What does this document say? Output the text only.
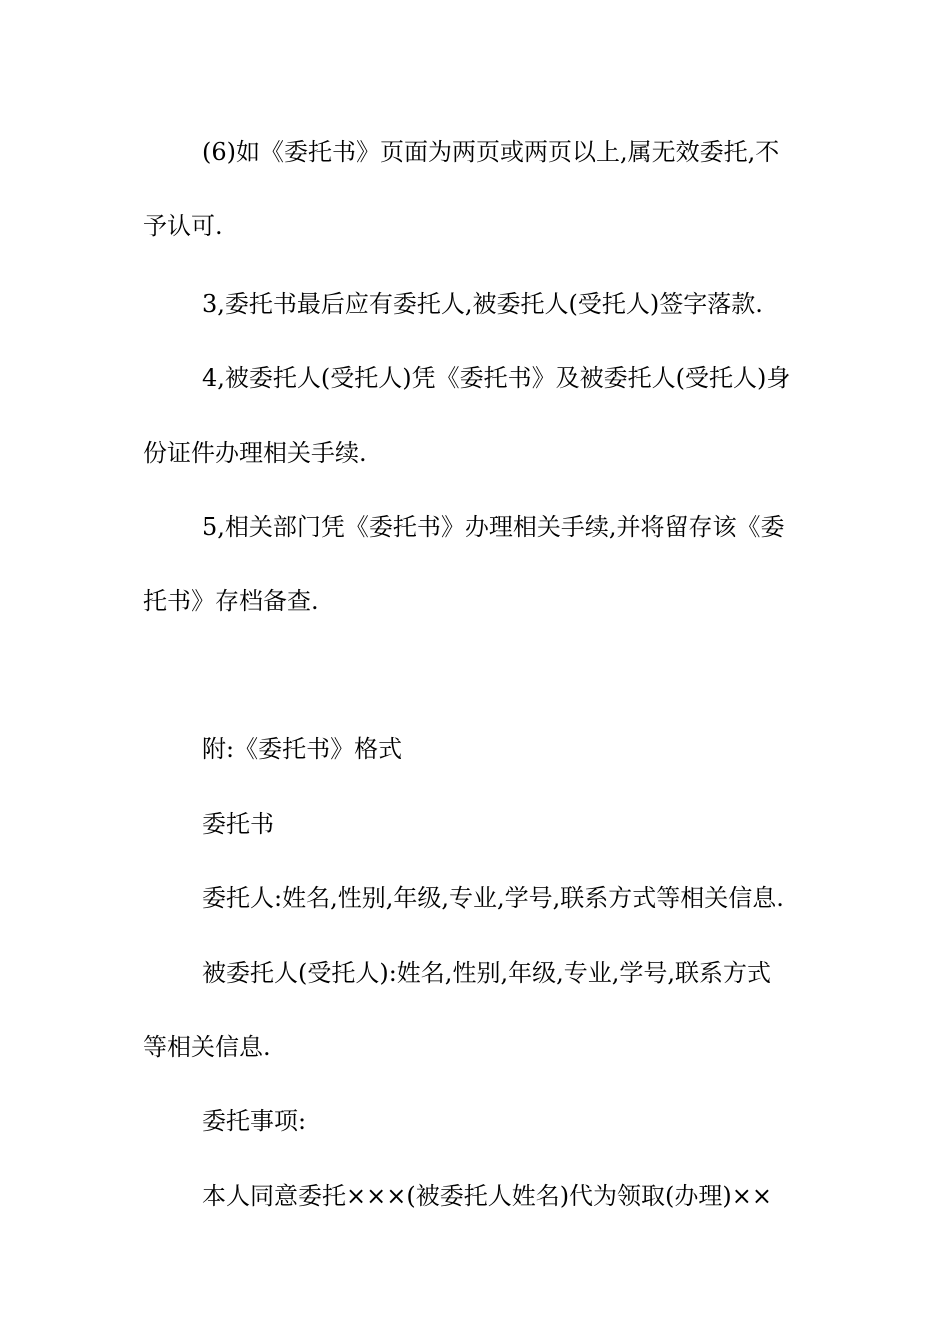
(6)如《委托书》页面为两页或两页以上,属无效委托,不
予认可.
3,委托书最后应有委托人,被委托人(受托人)签字落款.
4,被委托人(受托人)凭《委托书》及被委托人(受托人)身
份证件办理相关手续.
5,相关部门凭《委托书》办理相关手续,并将留存该《委
托书》存档备查.
附:《委托书》格式
委托书
委托人:姓名,性别,年级,专业,学号,联系方式等相关信息.
被委托人(受托人):姓名,性别,年级,专业,学号,联系方式
等相关信息.
委托事项:
本人同意委托×××(被委托人姓名)代为领取(办理)××
